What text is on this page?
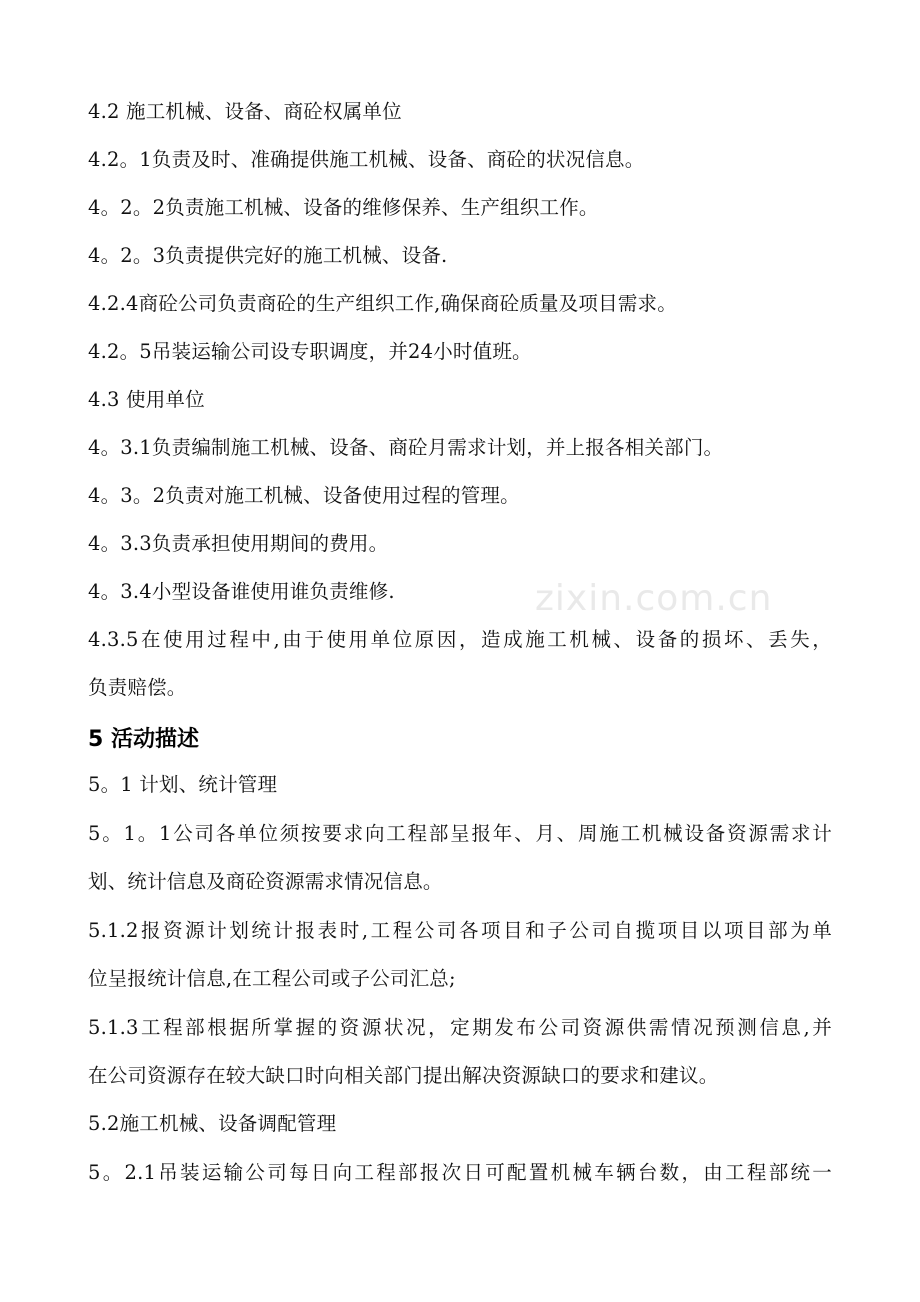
zixin.com.cn
4.2 施工机械、设备、商砼权属单位
4.2。1负责及时、准确提供施工机械、设备、商砼的状况信息。
4。2。2负责施工机械、设备的维修保养、生产组织工作。
4。2。3负责提供完好的施工机械、设备.
4.2.4商砼公司负责商砼的生产组织工作,确保商砼质量及项目需求。
4.2。5吊装运输公司设专职调度，并24小时值班。
4.3 使用单位
4。3.1负责编制施工机械、设备、商砼月需求计划，并上报各相关部门。
4。3。2负责对施工机械、设备使用过程的管理。
4。3.3负责承担使用期间的费用。
4。3.4小型设备谁使用谁负责维修.
4.3.5在使用过程中,由于使用单位原因，造成施工机械、设备的损坏、丢失，
负责赔偿。
5 活动描述
5。1 计划、统计管理
5。1。1公司各单位须按要求向工程部呈报年、月、周施工机械设备资源需求计
划、统计信息及商砼资源需求情况信息。
5.1.2报资源计划统计报表时,工程公司各项目和子公司自揽项目以项目部为单
位呈报统计信息,在工程公司或子公司汇总;
5.1.3工程部根据所掌握的资源状况，定期发布公司资源供需情况预测信息,并
在公司资源存在较大缺口时向相关部门提出解决资源缺口的要求和建议。
5.2施工机械、设备调配管理
5。2.1吊装运输公司每日向工程部报次日可配置机械车辆台数，由工程部统一
